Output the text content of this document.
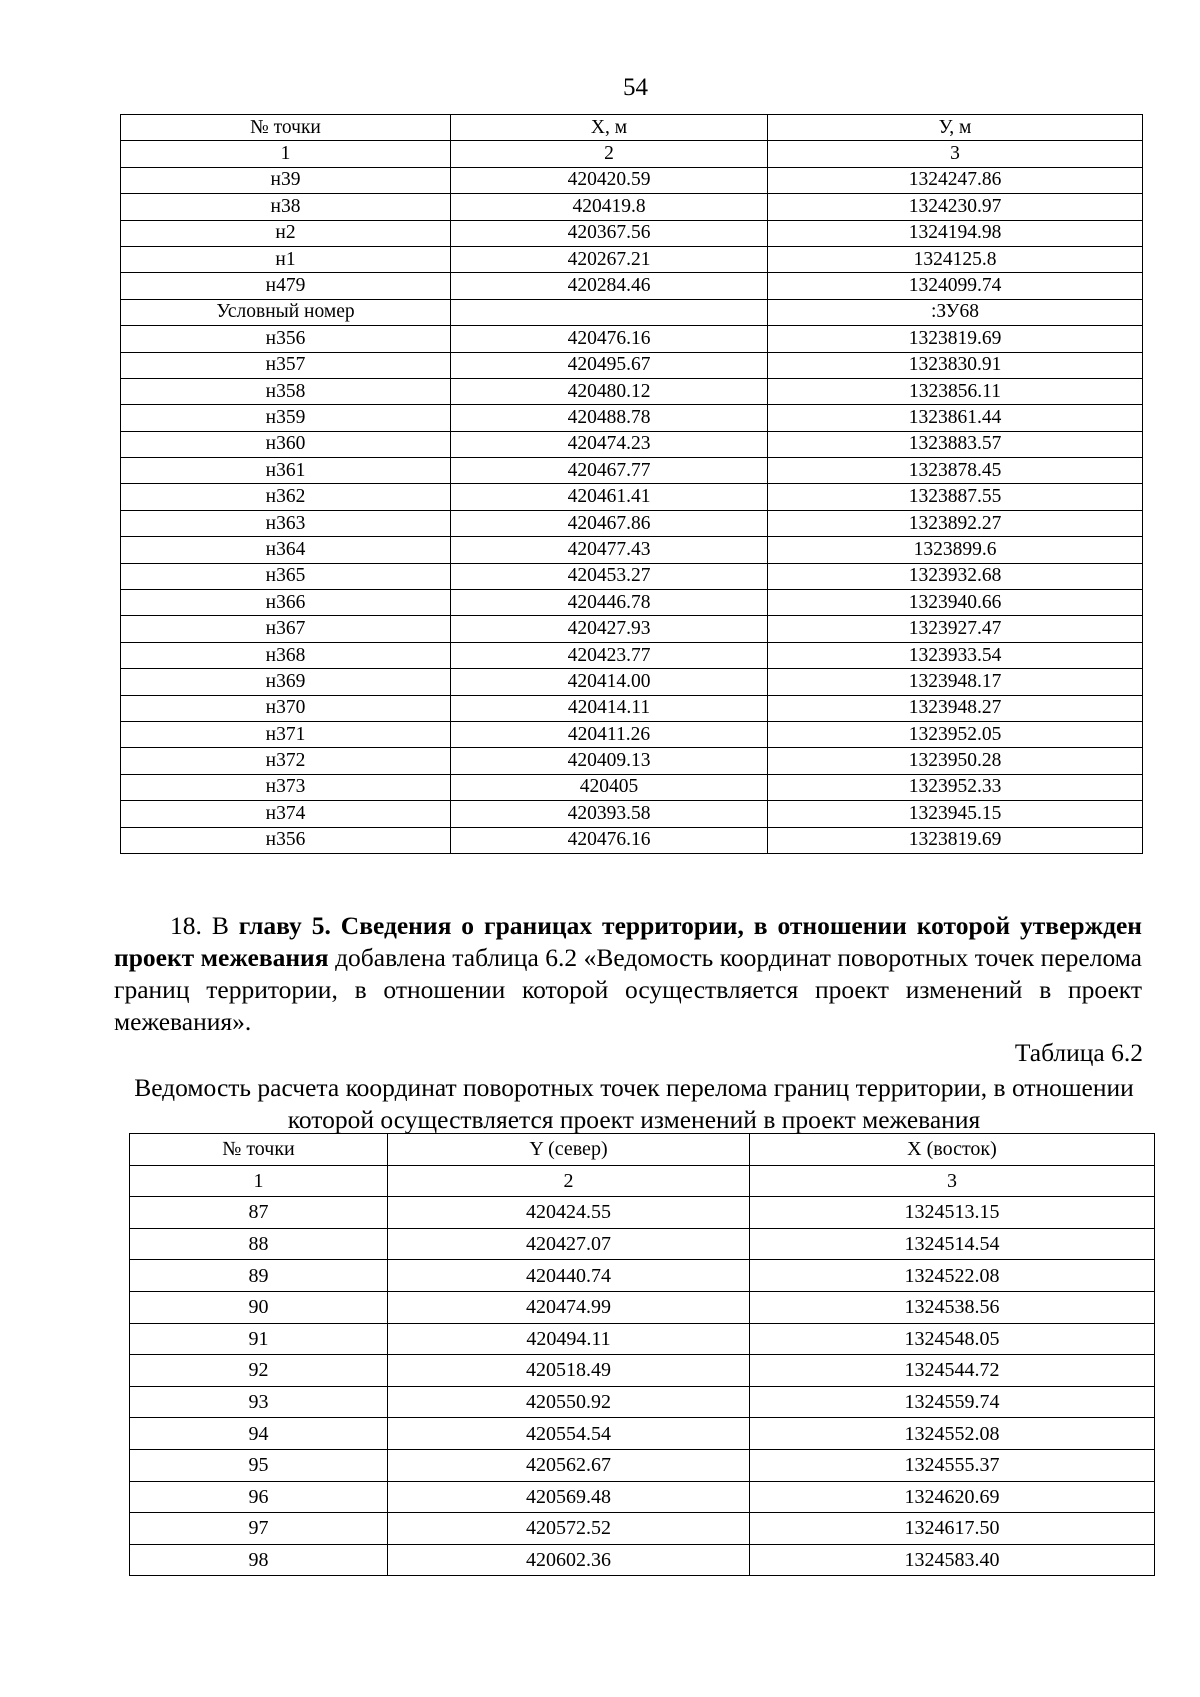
54
№ точки	Х, м	У, м
1	2	3
н39	420420.59	1324247.86
н38	420419.8	1324230.97
н2	420367.56	1324194.98
н1	420267.21	1324125.8
н479	420284.46	1324099.74
Условный номер		:ЗУ68
н356	420476.16	1323819.69
н357	420495.67	1323830.91
н358	420480.12	1323856.11
н359	420488.78	1323861.44
н360	420474.23	1323883.57
н361	420467.77	1323878.45
н362	420461.41	1323887.55
н363	420467.86	1323892.27
н364	420477.43	1323899.6
н365	420453.27	1323932.68
н366	420446.78	1323940.66
н367	420427.93	1323927.47
н368	420423.77	1323933.54
н369	420414.00	1323948.17
н370	420414.11	1323948.27
н371	420411.26	1323952.05
н372	420409.13	1323950.28
н373	420405	1323952.33
н374	420393.58	1323945.15
н356	420476.16	1323819.69
18. В главу 5. Сведения о границах территории, в отношении которой утвержден проект межевания добавлена таблица 6.2 «Ведомость координат поворотных точек перелома границ территории, в отношении которой осуществляется проект изменений в проект межевания».
Таблица 6.2
Ведомость расчета координат поворотных точек перелома границ территории, в отношении которой осуществляется проект изменений в проект межевания
№ точки	Y (север)	X (восток)
1	2	3
87	420424.55	1324513.15
88	420427.07	1324514.54
89	420440.74	1324522.08
90	420474.99	1324538.56
91	420494.11	1324548.05
92	420518.49	1324544.72
93	420550.92	1324559.74
94	420554.54	1324552.08
95	420562.67	1324555.37
96	420569.48	1324620.69
97	420572.52	1324617.50
98	420602.36	1324583.40
